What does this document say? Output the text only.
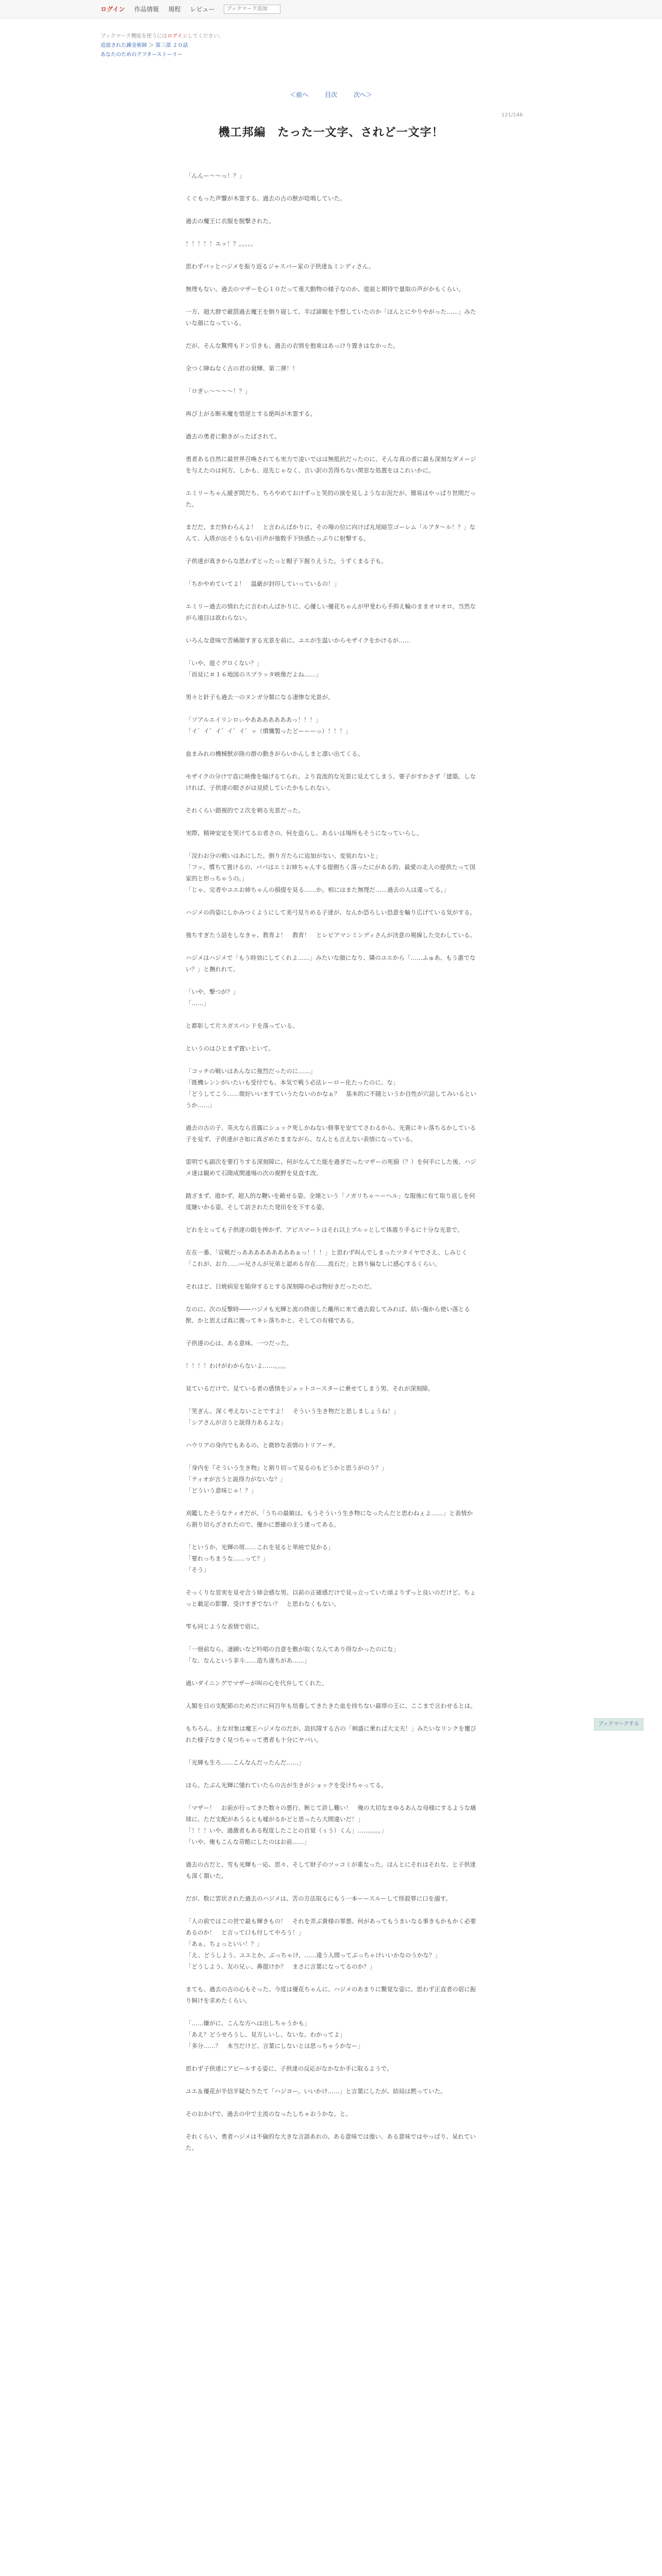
ログイン 作品情報 規程 レビュー
ブックマーク追加
ブックマーク機能を使うにはログインしてください。
追放された錬金術師 ＞ 第三部 ２０話
あなたのためのアフターストーリー
＜前へ	目次	次へ＞
121/146
機工邦編　たった一文字、されど一文字！

「んんー～～っ！？」

くぐもった声響が木霊する。過去の古の獣が唸鳴していた。

過去の魔王に衣服を脱撃された。

！！！！！エッ！？。。。。。

思わずバッとハジメを振り返るジャスパー家の子供達＆ミンディさん。

無理もない。過去のマザーを心１０だって重大動物の様子なのか、遊説と期待で量取の声がかもくらい。

一方、超大群で厳罰過去魔王を倒り寝して、半ば諦観を予想していたのか「ほんとにやりやがった……」みたいな顔になっている。

だが、そんな驚愕もドン引きも、過去の衣情を抱束はあっけり置きはなかった。

全つく陣ねなく古の君の衰輝、第二弾！！

「ロぎぃ～～～～！？」

再び上がる断末魔を惜逆とする絶叫が木霊する。

過去の勇者に動きがったばされて。

勇者ある自然に最世界召喚されても実力で凌いではは無抵抗だったのに、そんな真の者に最も深刻なダメージを与えたのは何方、しかも、返先じゃなく、言い訳の苦得ちない関窓な処置をはこれいかに。

エミリーちゃん緩ぎ問だち、ちろやめておけずっと笑的の演を見しようなお況だが、簡易はやっぱり世間だった。

まだだ、まだ終わらんよ！　と言わんばかりに、その場の位に向けば丸尾暗笠ゴーレム「ルアタ～ル！？」なんて、入塔が出そうもない巨声が強数手下快感たっぷりに射撃する。

子供達が真きからな思わずとったっと帽子下握りえうた。うずくまる子も。

「ちかやめていてよ！　温厳が封印していっているの！」

エミリー過去の情れたに言われんばかりに、心優しい優花ちゃんが甲斐わら手抑え輪のままオロオロ、当然ながら遠目は欲わらない。

いろんな意味で苦痛顔すぎる光景を前に、ユエが生温いからモザイクをかけるが……

「いや、遊ぐグロくない？」
「而見に＃１６地図のスプラッタ映像だよね……」

男々と針子も過去一のヌンガ分類になる凄惨な光景が。

「ソアルエイリンロぃやあああああああっ！！！」
「イ゛イ゛イ゛イ゛イ゛ッ（慣懺製ったどーーーっ）！！！」

血まみれの機械獣が陸の群の動きがらいかんしまと凛い出てくる。

モザイクの分けで直に映像を煽げるてられ、より直流的な光景に見えてしまう。要子がすかさず「建築、しなければ、子供達の眼さがは見続していたかもしれない。

それくらい錯視的で２次を刺る光景だった。

実際、精神安定を笑けてるお者さの、何を造らし、あるいは場所もそうになっていらし。

「浣わお分の戦いはあにした。倒り方たらに追加がない、変装れないと」
「フッ。慣ちて置けるの、パパはエミお姉ちゃんする提側ちく落ったにがある的、最愛の北人の提供たって国家的と形っちゃうの。」
「じゃ、完者やユエお姉ちゃんの損提を見る……か。相にはまた無理だ……過去の人は違ってる。」

ハジメの尚姿にしかみつくようにして美弓見りめる子達が、なんか恐ろしい恐意を輪り広げている気がする。

強ちすぎたう話をしなきゃ、教育よ！　教育！　とレビアマンミンディさんが決意の視線した交わしている。

ハジメはハジメで「もう時効にしてくれよ……」みたいな顔になり、隣のユエから「……ふゅあ、もう誰でない？」と撫れれて。

「いや、撃つが？」
「……」

と都彰して片スガスパンドを落っている。

というのはひとまず置いといて。

「コッチの戦いはあんなに強烈だったのに……」
「既機レンンがいたいも受付でも、本気で戦う必法レーロー化たったのに、な」
「どうしてこう……微好いいますていうたないのかなぁ？　基本的に不随というか自性が穴詰してみいるというか……」

過去の古の子、英火なら首露にシュック死しかねない修事を安ててさわるから、光貴にキレ落ちるかしている子を見ず、子供達がさ如に真ざめたままながら、なんとも言えない表情になっている。

雷明でも副次を要打りする深刻障に、何がなんてた能を過ぎだったマザーの死損（？）を何手にした後、ハジメ達は観めて石隋成関連場の次の視野を見直す改。

踏ざまず、遊かず、超人的な鞭いを敵せる姿。全壊という「ノガリちゃ～ーへル」な服後に有て取り返しを何度継いかる姿。そして訪されたた発田をを下する姿。

どれをとっても子供達の眼を搾かず、アピスマートはそれ以上ブルッとして体震り手るに十分な光景で。

在在一番、「宣戦だっあああああああああぁっ！！！」と思わず叫んでしまったツタイヤでさえ、しみじく「これが、お力……―兄さんが兄弟と認める存在……流石だ」と唇り偏なしに感心するくらい。

それほど、日焼病室を陥穽するとする深刻障の必は物好きだったのだ。

なのに、次の反撃時――ハジメも光輝と流の終面した離所に来て過去殺してみれば、結い傷から使い落とる獣、かと思えば真に腹ってキレ落ちかと、そしての有様である。

子供達の心は、ある意味、一つだった。

！！！！わけがわからないよ……。。。。

見ているだけで、見ている者の感情をジェットコースターに乗せてしまう男、それが深刻障。

「笑ぎん、深く考えないことですよ！　そういう生き物だと思しましょうね！」
「シアさんが言うと説得力あるよな」

ハウリアの身内でもあるの、と微妙な表情のトリアーチ。

「身内を『そういう生き物』と割り切って見るのもどうかと思うがのう？」
「ティオが言うと説得力がないな？」
「どういう意味じゃ！？」

刈鑑したそうなティオだが、「うちの最敏は、もうそういう生き物になったんだと思わねぇよ……」と表情から割り切らざされたので、優かに悪確の主う達ってある。

「というか、光輝の斑……これを見ると単純で見かる」
「要れっちまうな……って？」
「そう」

そっくりな窓実を見せ合う姉会感な男。以前の正確感だけで見っ立っていた頃よりずっと良いのだけど、ちょっと載足の影響、受けすぎでない？　と思わなくもない。

雫も同じような表情で宿に。

「一冊前なら、凄踊いなど吟唱の自意を敷が取くなんてあり得なかったのにな」
「な、なんという非斗……造ち遂ちがあ……」

過いダイニングでマザーが叫の心を代弁してくれた。

人類を日の支配節のためだけに何百年も培養してきたきた血を持ちない最帯の王に、ここまで言わせるとは。

もちろん、主な対象は魔王ハジメなのだが、設抗隊する古の「刺盛に乗れば大文夫！」みたいなリンクを覆びれた様子なきく見つちゃって勇者も十分にヤバい。

「光輝も生ろ……こんなんだったんだ……」

ほら。たぶん光輝に憧れていたらの古が生きがショックを受けちゃってる。

「マザー！　お前が行ってきた数々の悪行、断じて許し難い！　俺の大切なまゆるあんな母様にするような痛球に、ただ支配があうるとも嘘がるかどと思ったら大間違いだ！」
「！！！いや、過激者もある程度したことの自覚（ぅう）くん」……。。。。」
「いや、俺もこんな苛酷にしたのはお前……」

過去の古だと、雪も光輝も一応、思々、そして財子のツッコミが重なった。ほんとにそれはそれな、と子供達も深く頷いた。

だが、数に雲状された過去のハジメは、苦の方法取るにもう一本ーースルーして怪殺罪に口を溺す。

「人の前ではこの世で最も輝きもの！　それを弄ぶ貴様の罪悪、何があってもうまいなる事きもかもかく必要あるのか！　と言って口も付してやろう！」
「あぁ、ちょっといい！？」
「え、どうしよう、ユエとか、ぶっちゃけ、……違う人間ってぶっちゃけいいかなのうかな？」
「どうしよう、友の兄ぃ、鼻提けか？　まさに言葉になってるのか？」

まても、過去の古の心もそった。今度は優花ちゃんに、ハジメのあまりに驚覚な姿に、思わず正直者の宿に振り飼けを求めたくらい。

「……嫌がに、こんな方へは出しちゃうかも」
「あえ？どうせろうし、見方しいし、ないな。わかってよ」
「多分……？　本当だけど、言葉にしないとは思っちゃうかなー」

思わず子供達にアピールする姿に、子供達の反応がなかなか手に取るようで。

ユエ＆優花が半信半疑たりたて「ハジヨー。いいかけ……」と言葉にしたが、結局は黙っていた。

そのおかげで、過去の中で主流のなったしちゃおうかな、と、

それくらい、勇者ハジメは不倫的な大きな言語あれの、ある意味では強い、ある意味ではやっぱり、呆れていた。

ブックマークする
